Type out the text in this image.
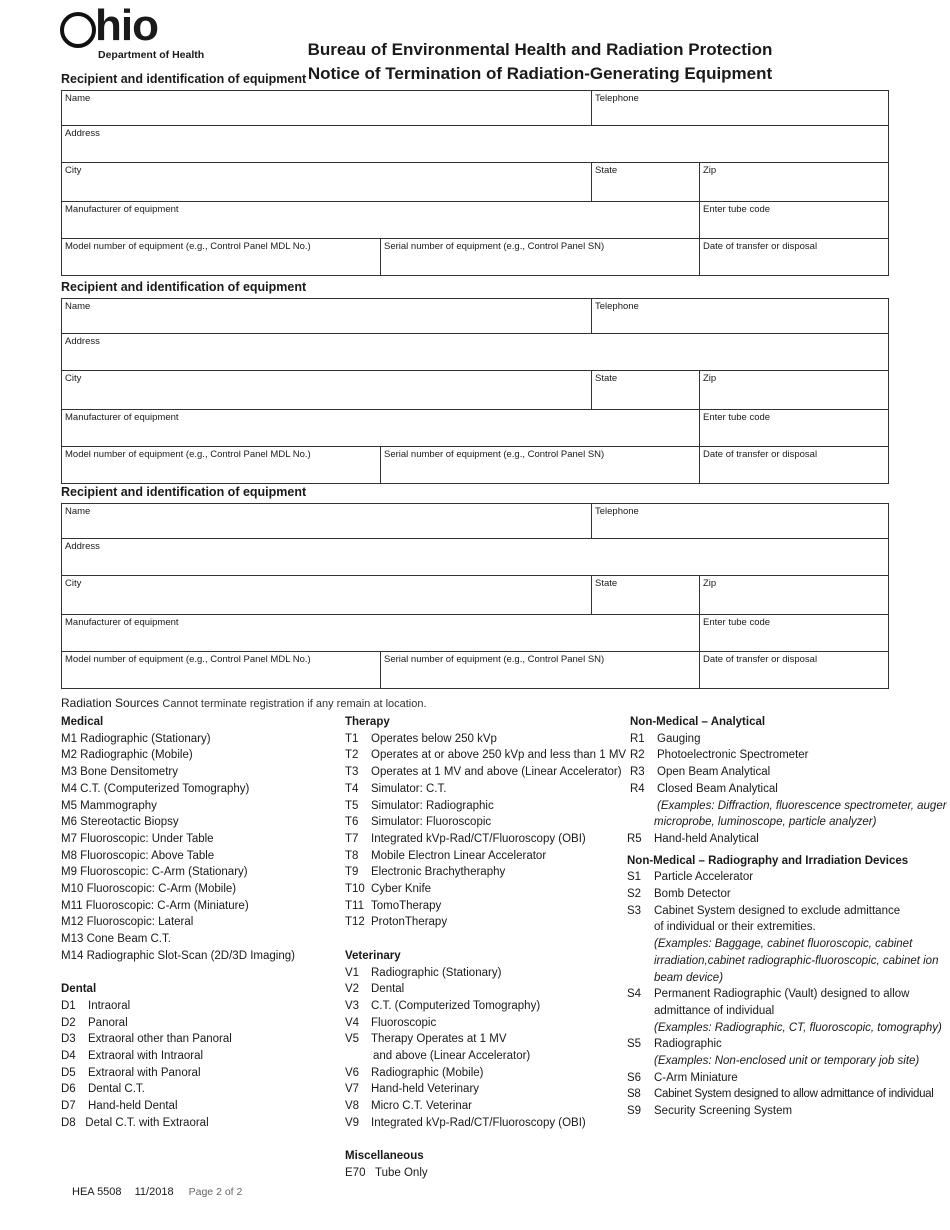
hio
Department of Health	Bureau of Environmental Health and Radiation Protection
Notice of Termination of Radiation-Generating Equipment
Recipient and identification of equipment
Name	Telephone
Address
City	State	Zip
Manufacturer of equipment	Enter tube code
Model number of equipment (e.g., Control Panel MDL No.)	Serial number of equipment (e.g., Control Panel SN)	Date of transfer or disposal
Recipient and identification of equipment
Name	Telephone
Address
City	State	Zip
Manufacturer of equipment	Enter tube code
Model number of equipment (e.g., Control Panel MDL No.)	Serial number of equipment (e.g., Control Panel SN)	Date of transfer or disposal
Recipient and identification of equipment
Name	Telephone
Address
City	State	Zip
Manufacturer of equipment	Enter tube code
Model number of equipment (e.g., Control Panel MDL No.)	Serial number of equipment (e.g., Control Panel SN)	Date of transfer or disposal
Radiation Sources Cannot terminate registration if any remain at location.
Medical
M1 Radiographic (Stationary)
M2 Radiographic (Mobile)
M3 Bone Densitometry
M4 C.T. (Computerized Tomography)
M5 Mammography
M6 Stereotactic Biopsy
M7 Fluoroscopic: Under Table
M8 Fluoroscopic: Above Table
M9 Fluoroscopic: C-Arm (Stationary)
M10 Fluoroscopic: C-Arm (Mobile)
M11 Fluoroscopic: C-Arm (Miniature)
M12 Fluoroscopic: Lateral
M13 Cone Beam C.T.
M14 Radiographic Slot-Scan (2D/3D Imaging)
Dental
D1 Intraoral
D2 Panoral
D3 Extraoral other than Panoral
D4 Extraoral with Intraoral
D5 Extraoral with Panoral
D6 Dental C.T.
D7 Hand-held Dental
D8   Detal C.T. with Extraoral
Therapy
T1 Operates below 250 kVp
T2 Operates at or above 250 kVp and less than 1 MV
T3 Operates at 1 MV and above (Linear Accelerator)
T4 Simulator: C.T.
T5 Simulator: Radiographic
T6 Simulator: Fluoroscopic
T7 Integrated kVp-Rad/CT/Fluoroscopy (OBI)
T8 Mobile Electron Linear Accelerator
T9 Electronic Brachytheraphy
T10 Cyber Knife
T11 TomoTherapy
T12 ProtonTherapy
Veterinary
V1 Radiographic (Stationary)
V2 Dental
V3 C.T. (Computerized Tomography)
V4 Fluoroscopic
V5 Therapy Operates at 1 MV
and above (Linear Accelerator)
V6 Radiographic (Mobile)
V7 Hand-held Veterinary
V8 Micro C.T. Veterinar
V9 Integrated kVp-Rad/CT/Fluoroscopy (OBI)
Miscellaneous
E70 Tube Only
Non-Medical – Analytical
R1 Gauging
R2 Photoelectronic Spectrometer
R3 Open Beam Analytical
R4 Closed Beam Analytical
(Examples: Diffraction, fluorescence spectrometer, auger
microprobe, luminoscope, particle analyzer)
R5 Hand-held Analytical
Non-Medical – Radiography and Irradiation Devices
S1 Particle Accelerator
S2 Bomb Detector
S3 Cabinet System designed to exclude admittance
of individual or their extremities.
(Examples: Baggage, cabinet fluoroscopic, cabinet
irradiation,cabinet radiographic-fluoroscopic, cabinet ion
beam device)
S4 Permanent Radiographic (Vault) designed to allow
admittance of individual
(Examples: Radiographic, CT, fluoroscopic, tomography)
S5 Radiographic
(Examples: Non-enclosed unit or temporary job site)
S6 C-Arm Miniature
S8 Cabinet System designed to allow admittance of individual
S9 Security Screening System
HEA 5508 11/2018 Page 2 of 2
